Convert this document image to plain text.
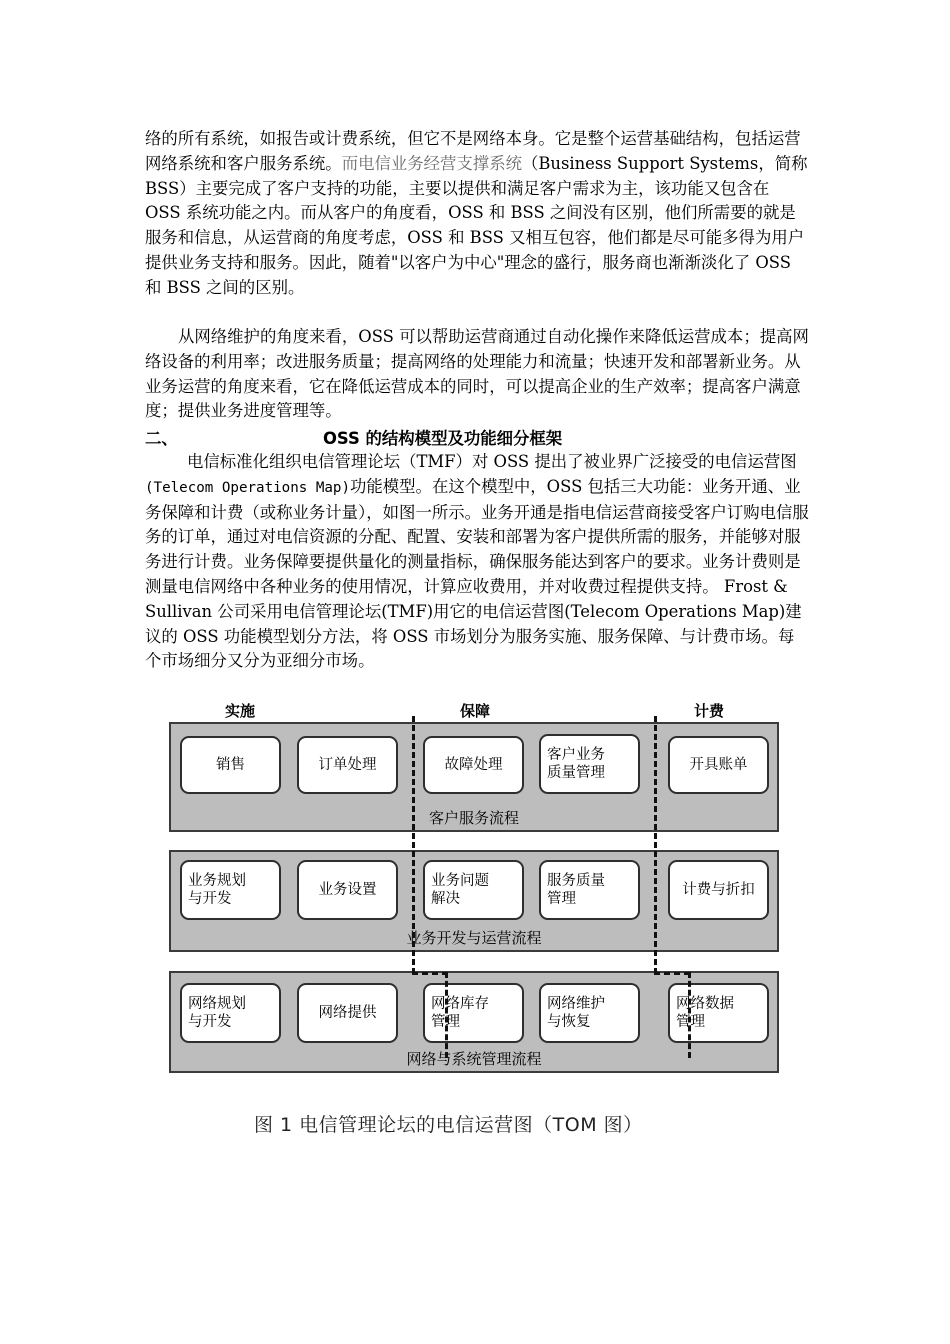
络的所有系统，如报告或计费系统，但它不是网络本身。它是整个运营基础结构，包括运营网络系统和客户服务系统。而电信业务经营支撑系统（Business Support Systems，简称 BSS）主要完成了客户支持的功能，主要以提供和满足客户需求为主，该功能又包含在 OSS 系统功能之内。而从客户的角度看，OSS 和 BSS 之间没有区别，他们所需要的就是服务和信息，从运营商的角度考虑，OSS 和 BSS 又相互包容，他们都是尽可能多得为用户提供业务支持和服务。因此，随着"以客户为中心"理念的盛行，服务商也渐渐淡化了 OSS 和 BSS 之间的区别。
从网络维护的角度来看，OSS 可以帮助运营商通过自动化操作来降低运营成本；提高网络设备的利用率；改进服务质量；提高网络的处理能力和流量；快速开发和部署新业务。从业务运营的角度来看，它在降低运营成本的同时，可以提高企业的生产效率；提高客户满意度；提供业务进度管理等。
二、	OSS 的结构模型及功能细分框架
电信标准化组织电信管理论坛（TMF）对 OSS 提出了被业界广泛接受的电信运营图(Telecom Operations Map)功能模型。在这个模型中，OSS 包括三大功能：业务开通、业务保障和计费（或称业务计量），如图一所示。业务开通是指电信运营商接受客户订购电信服务的订单，通过对电信资源的分配、配置、安装和部署为客户提供所需的服务，并能够对服务进行计费。业务保障要提供量化的测量指标，确保服务能达到客户的要求。业务计费则是测量电信网络中各种业务的使用情况，计算应收费用，并对收费过程提供支持。 Frost & Sullivan 公司采用电信管理论坛(TMF)用它的电信运营图(Telecom Operations Map)建议的 OSS 功能模型划分方法，将 OSS 市场划分为服务实施、服务保障、与计费市场。每个市场细分又分为亚细分市场。
实施	保障	计费
销售	订单处理	故障处理
客户业务
质量管理	开具账单
客户服务流程
业务规划
与开发
业务设置
业务问题
解决
服务质量
管理
计费与折扣
业务开发与运营流程
网络规划
与开发
网络提供
网络库存
管理
网络维护
与恢复
网络数据
管理
网络与系统管理流程
图 1 电信管理论坛的电信运营图（TOM 图）
